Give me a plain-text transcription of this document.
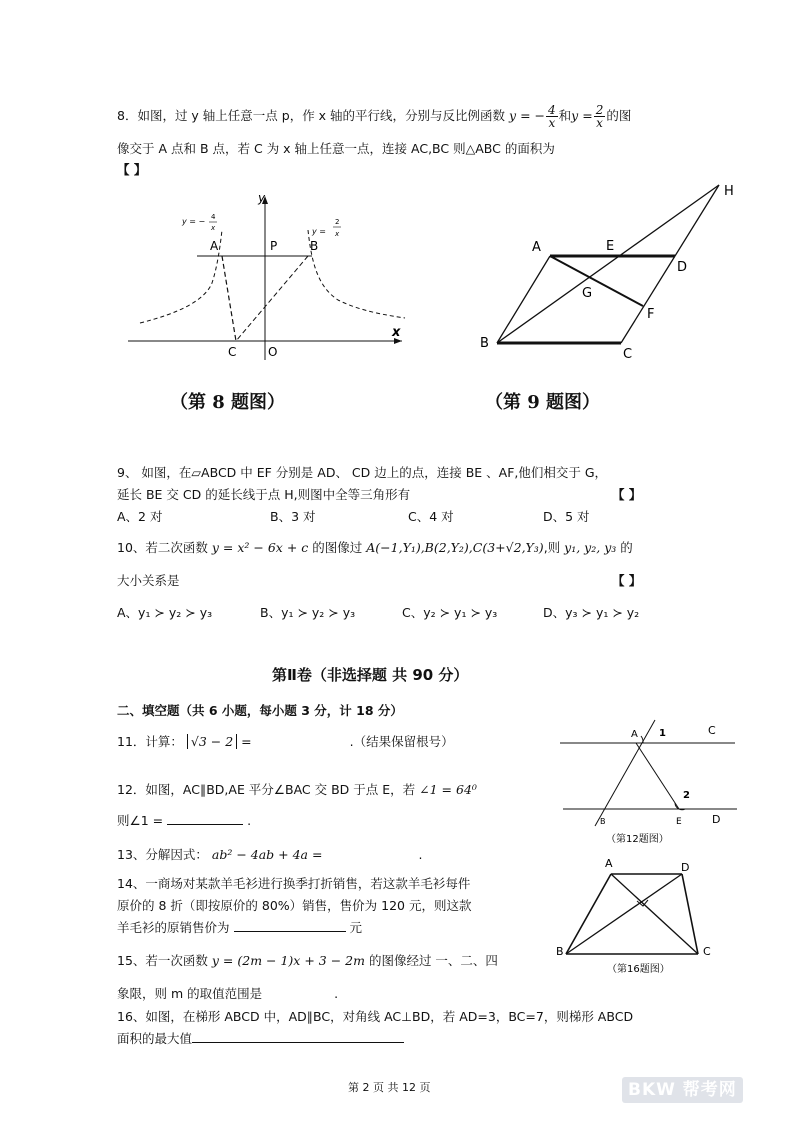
8．如图，过 y 轴上任意一点 p，作 x 轴的平行线，分别与反比例函数 y = − $\frac{4}{x}$ 和$y = \frac{2}{x}$ 的图
像交于 A 点和 B 点，若 C 为 x 轴上任意一点，连接 AC,BC 则△ABC 的面积为
【 】
y
x
y = − 4
x	y =
2
x
A	P	B
C	O
（第 8 题图）
A	E
H
D
G
F
B
C
（第 9 题图）
9、 如图，在▱ABCD 中 EF 分别是 AD、 CD 边上的点，连接 BE 、AF,他们相交于 G，
延长 BE 交 CD 的延长线于点 H,则图中全等三角形有	【 】
A、2 对	B、3 对	C、4 对	D、5 对
10、若二次函数 y = x² − 6x + c 的图像过 A(−1,Y₁),B(2,Y₂),C(3+√2,Y₃),则 y₁, y₂, y₃ 的
大小关系是	【 】
A、y₁ ≻ y₂ ≻ y₃	B、y₁ ≻ y₂ ≻ y₃	C、y₂ ≻ y₁ ≻ y₃	D、y₃ ≻ y₁ ≻ y₂
第Ⅱ卷（非选择题 共 90 分）
二、填空题（共 6 小题，每小题 3 分，计 18 分）
11．计算： √3 − 2 =	.（结果保留根号）
12．如图，AC∥BD,AE 平分∠BAC 交 BD 于点 E，若 ∠1 = 64⁰
则∠1 =	.
13、分解因式： ab² − 4ab + 4a =	.
14、一商场对某款羊毛衫进行换季打折销售，若这款羊毛衫每件
原价的 8 折（即按原价的 80%）销售，售价为 120 元，则这款
羊毛衫的原销售价为	元
15、若一次函数 y = (2m − 1)x + 3 − 2m 的图像经过 一、二、四
象限，则 m 的取值范围是	.
16、如图，在梯形 ABCD 中，AD∥BC，对角线 AC⊥BD，若 AD=3，BC=7，则梯形 ABCD
面积的最大值
A 1	C
2
B	E	D
（第12题图）
A	D
B	C
（第16题图）
第 2 页 共 12 页	BKW 帮考网
